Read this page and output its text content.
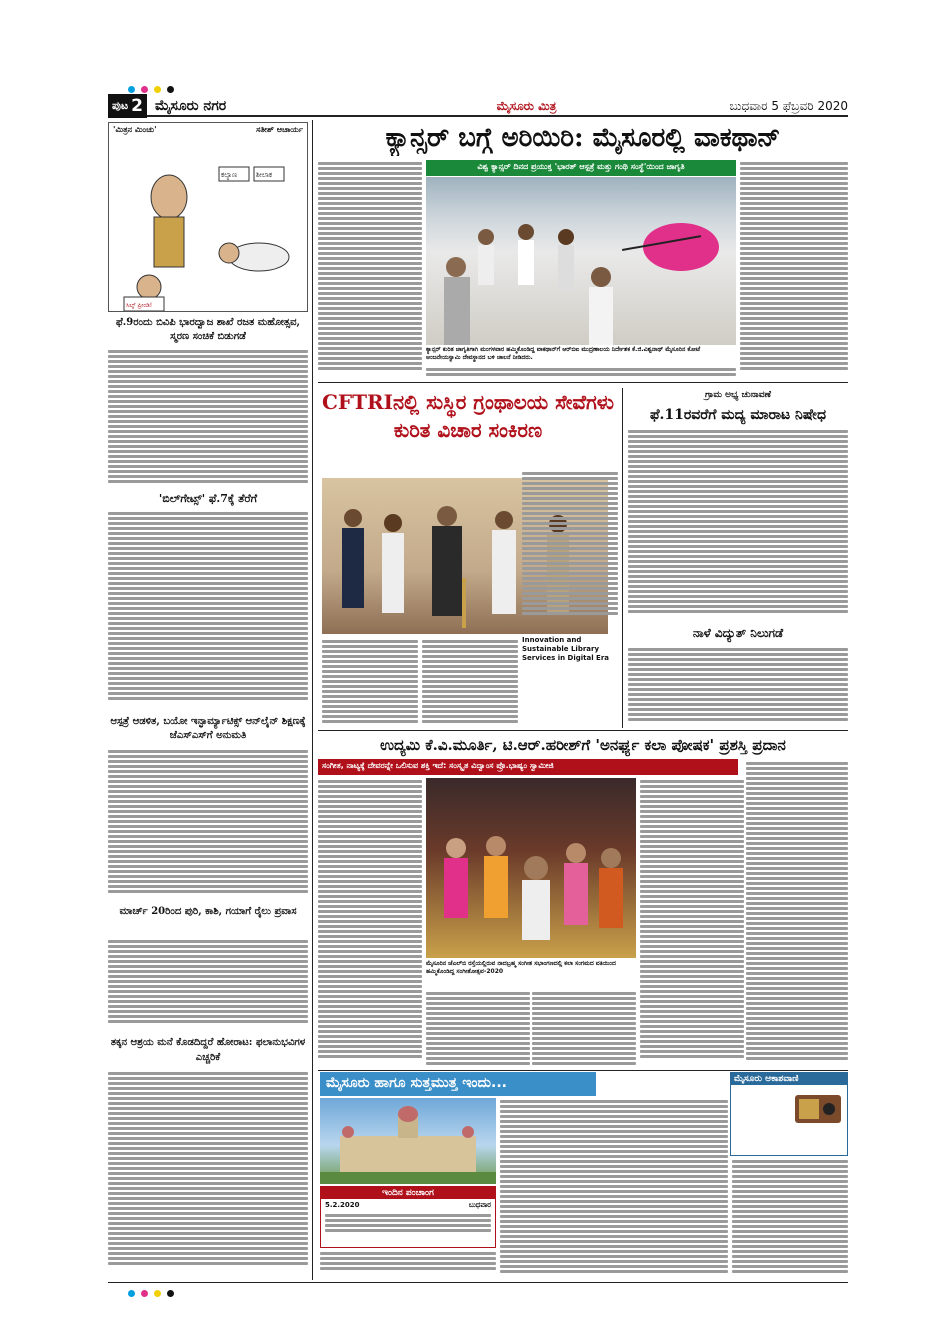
ಪುಟ 2 ಮೈಸೂರು ನಗರ	ಮೈಸೂರು ಮಿತ್ರ	ಬುಧವಾರ 5 ಫೆಬ್ರವರಿ 2020
'ಮಿತ್ರನ ಮಿಂಚು'	ಸತೀಶ್ ಆಚಾರ್ಯ
ಕಲ್ಯಾಣ	ಶೀಲಾಕ
ಸಿಲ್ಕ್ ಪ್ರೀಂಡಿ!
ಫೆ.9ರಂದು ಬಿವಿಪಿ ಭಾರದ್ವಾಜ ಶಾಖೆ ರಜತ ಮಹೋತ್ಸವ, ಸ್ಮರಣ ಸಂಚಿಕೆ ಬಿಡುಗಡೆ
'ಬಿಲ್‌ಗೇಟ್ಸ್' ಫೆ.7ಕ್ಕೆ ತೆರೆಗೆ
ಆಸ್ಪತ್ರೆ ಆಡಳಿತ, ಬಯೋ ಇನ್ಫಾರ್ಮ್ಯಾಟಿಕ್ಸ್ ಆನ್‌ಲೈನ್ ಶಿಕ್ಷಣಕ್ಕೆ ಜೆಎಸ್‌ಎಸ್‌ಗೆ ಅನುಮತಿ
ಮಾರ್ಚ್ 20ರಿಂದ ಪುರಿ, ಕಾಶಿ, ಗಯಾಗೆ ರೈಲು ಪ್ರವಾಸ
ತಕ್ಕನ ಆಶ್ರಯ ಮನೆ ಕೊಡದಿದ್ದರೆ ಹೋರಾಟ: ಫಲಾನುಭವಿಗಳ ಎಚ್ಚರಿಕೆ
ಕ್ಯಾನ್ಸರ್ ಬಗ್ಗೆ ಅರಿಯಿರಿ: ಮೈಸೂರಲ್ಲಿ ವಾಕಥಾನ್
ವಿಶ್ವ ಕ್ಯಾನ್ಸರ್ ದಿನದ ಪ್ರಯುಕ್ತ 'ಭಾರತ್ ಆಸ್ಪತ್ರೆ ಮತ್ತು ಗಂಥಿ ಸಂಸ್ಥೆ'ಯಿಂದ ಜಾಗೃತಿ
ಕ್ಯಾನ್ಸರ್ ಕುರಿತ ಜಾಗೃತಿಗಾಗಿ ಮಂಗಳವಾರ ಹಮ್ಮಿಕೊಂಡಿದ್ದ ವಾಕಥಾನ್‌ಗೆ ಆರ್‌ಬಿಐ ಮುದ್ರಣಾಲಯ ನಿರ್ದೇಶಕ ಕೆ.ಜಿ.ವಿಶ್ವನಾಥ್ ಮೈಸೂರಿನ ಕೋಟೆ ಆಂಜನೇಯಸ್ವಾಮಿ ದೇವಸ್ಥಾನದ ಬಳಿ ಚಾಲನೆ ನೀಡಿದರು.
CFTRIನಲ್ಲಿ ಸುಸ್ಥಿರ ಗ್ರಂಥಾಲಯ ಸೇವೆಗಳು ಕುರಿತ ವಿಚಾರ ಸಂಕಿರಣ
Innovation and Sustainable Library Services in Digital Era
ಗ್ರಾಮ ಅಭ್ಯ ಚುನಾವಣೆ
ಫೆ.11ರವರೆಗೆ ಮದ್ಯ ಮಾರಾಟ ನಿಷೇಧ
ನಾಳೆ ವಿದ್ಯುತ್ ನಿಲುಗಡೆ
ಉದ್ಯಮಿ ಕೆ.ವಿ.ಮೂರ್ತಿ, ಟಿ.ಆರ್.ಹರೀಶ್‌ಗೆ 'ಅನರ್ಘ್ಯ ಕಲಾ ಪೋಷಕ' ಪ್ರಶಸ್ತಿ ಪ್ರದಾನ
ಸಂಗೀತ, ನಾಟ್ಯಕ್ಕೆ ದೇವರನ್ನೇ ಒಲಿಸುವ ಶಕ್ತಿ ಇದೆ: ಸಂಸ್ಕೃತ ವಿದ್ವಾಂಸ ಪ್ರೊ.ಭಾಷ್ಯಂ ಸ್ವಾಮೀಜಿ
ಮೈಸೂರಿನ ಜೆಎಲ್‌ಬಿ ರಸ್ತೆಯಲ್ಲಿರುವ ನಾದಬ್ರಹ್ಮ ಸಂಗೀತ ಸಭಾಂಗಣದಲ್ಲಿ ಕಲಾ ಸಂಗಮದ ವತಿಯಿಂದ ಹಮ್ಮಿಕೊಂಡಿದ್ದ ಸಂಗೀತೋತ್ಸವ-2020
ಮೈಸೂರು ಹಾಗೂ ಸುತ್ತಮುತ್ತ ಇಂದು...
ಇಂದಿನ ಪಂಚಾಂಗ
5.2.2020	ಬುಧವಾರ
ಮೈಸೂರು ಆಕಾಶವಾಣಿ
